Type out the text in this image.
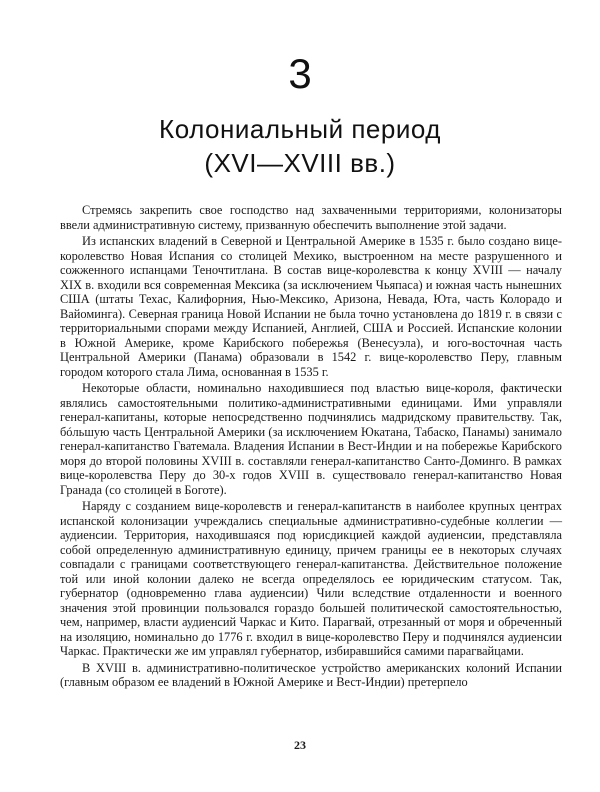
3
Колониальный период
(XVI—XVIII вв.)

Стремясь закрепить свое господство над захваченными территориями, колонизаторы ввели административную систему, призванную обеспечить выполнение этой задачи.

Из испанских владений в Северной и Центральной Америке в 1535 г. было создано вице-королевство Новая Испания со столицей Мехико, выстроенном на месте разрушенного и сожженного испанцами Теночтитлана. В состав вице-королевства к концу XVIII — началу XIX в. входили вся современная Мексика (за исключением Чьяпаса) и южная часть нынешних США (штаты Техас, Калифорния, Нью-Мексико, Аризона, Невада, Юта, часть Колорадо и Вайоминга). Северная граница Новой Испании не была точно установлена до 1819 г. в связи с территориальными спорами между Испанией, Англией, США и Россией. Испанские колонии в Южной Америке, кроме Карибского побережья (Венесуэла), и юго-восточная часть Центральной Америки (Панама) образовали в 1542 г. вице-королевство Перу, главным городом которого стала Лима, основанная в 1535 г.

Некоторые области, номинально находившиеся под властью вице-короля, фактически являлись самостоятельными политико-административными единицами. Ими управляли генерал-капитаны, которые непосредственно подчинялись мадридскому правительству. Так, бóльшую часть Центральной Америки (за исключением Юкатана, Табаско, Панамы) занимало генерал-капитанство Гватемала. Владения Испании в Вест-Индии и на побережье Карибского моря до второй половины XVIII в. составляли генерал-капитанство Санто-Доминго. В рамках вице-королевства Перу до 30-х годов XVIII в. существовало генерал-капитанство Новая Гранада (со столицей в Боготе).

Наряду с созданием вице-королевств и генерал-капитанств в наиболее крупных центрах испанской колонизации учреждались специальные административно-судебные коллегии — аудиенсии. Территория, находившаяся под юрисдикцией каждой аудиенсии, представляла собой определенную административную единицу, причем границы ее в некоторых случаях совпадали с границами соответствующего генерал-капитанства. Действительное положение той или иной колонии далеко не всегда определялось ее юридическим статусом. Так, губернатор (одновременно глава аудиенсии) Чили вследствие отдаленности и военного значения этой провинции пользовался гораздо большей политической самостоятельностью, чем, например, власти аудиенсий Чаркас и Кито. Парагвай, отрезанный от моря и обреченный на изоляцию, номинально до 1776 г. входил в вице-королевство Перу и подчинялся аудиенсии Чаркас. Практически же им управлял губернатор, избиравшийся самими парагвайцами.

В XVIII в. административно-политическое устройство американских колоний Испании (главным образом ее владений в Южной Америке и Вест-Индии) претерпело

23
